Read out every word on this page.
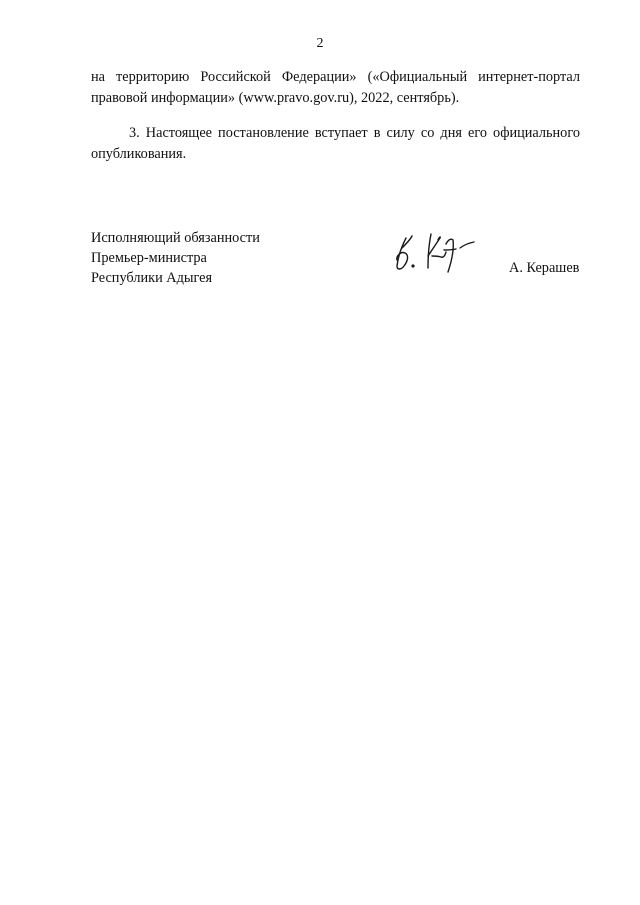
2

на территорию Российской Федерации» («Официальный интернет-портал
правовой информации» (www.pravo.gov.ru), 2022, сентябрь).

3. Настоящее постановление вступает в силу со дня его официального
опубликования.

Исполняющий обязанности
Премьер-министра
Республики Адыгея
А. Керашев
